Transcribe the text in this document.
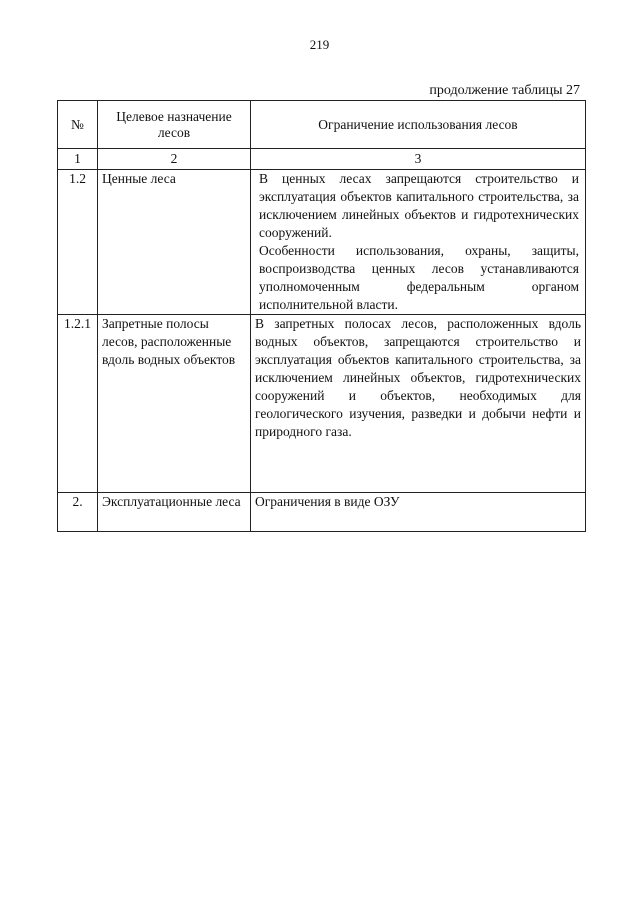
219
продолжение таблицы 27
№	Целевое назначение лесов	Ограничение использования лесов
1	2	3
1.2	Ценные леса	В ценных лесах запрещаются строительство и эксплуатация объектов капитального строительства, за исключением линейных объектов и гидротехнических сооружений.
Особенности использования, охраны, защиты, воспроизводства ценных лесов устанавливаются уполномоченным федеральным органом исполнительной власти.

1.2.1	Запретные полосы лесов, расположенные вдоль водных объектов	В запретных полосах лесов, расположенных вдоль водных объектов, запрещаются строительство и эксплуатация объектов капитального строительства, за исключением линейных объектов, гидротехнических сооружений и объектов, необходимых для геологического изучения, разведки и добычи нефти и природного газа.

2.	Эксплуатационные леса	Ограничения в виде ОЗУ
